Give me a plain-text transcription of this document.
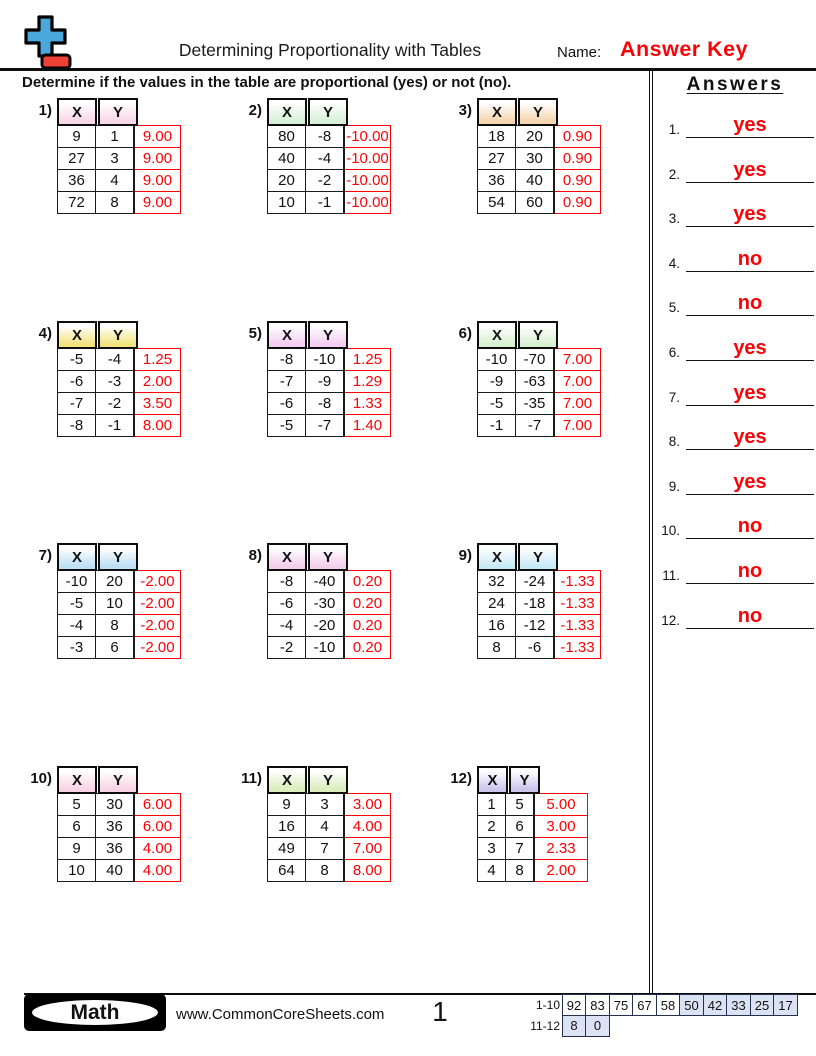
Determining Proportionality with Tables	Name: Answer Key
Determine if the values in the table are proportional (yes) or not (no).
1)	X	Y
9	1	9.00
27	3	9.00
36	4	9.00
72	8	9.00
2)	X	Y
80	-8	-10.00
40	-4	-10.00
20	-2	-10.00
10	-1	-10.00
3)	X	Y
18	20	0.90
27	30	0.90
36	40	0.90
54	60	0.90
4)	X	Y
-5	-4	1.25
-6	-3	2.00
-7	-2	3.50
-8	-1	8.00
5)	X	Y
-8	-10	1.25
-7	-9	1.29
-6	-8	1.33
-5	-7	1.40
6)	X	Y
-10	-70	7.00
-9	-63	7.00
-5	-35	7.00
-1	-7	7.00
7)	X	Y
-10	20	-2.00
-5	10	-2.00
-4	8	-2.00
-3	6	-2.00
8)	X	Y
-8	-40	0.20
-6	-30	0.20
-4	-20	0.20
-2	-10	0.20
9)	X	Y
32	-24	-1.33
24	-18	-1.33
16	-12	-1.33
8	-6	-1.33
10)	X	Y
5	30	6.00
6	36	6.00
9	36	4.00
10	40	4.00
11)	X	Y
9	3	3.00
16	4	4.00
49	7	7.00
64	8	8.00
12)	X	Y
1	5	5.00
2	6	3.00
3	7	2.33
4	8	2.00
Answers
1.	yes
2.	yes
3.	yes
4.	no
5.	no
6.	yes
7.	yes
8.	yes
9.	yes
10.	no
11.	no
12.	no
Math	www.CommonCoreSheets.com	1	1-10 92 83 75 67 58 50 42 33 25 17
11-12 8	0
